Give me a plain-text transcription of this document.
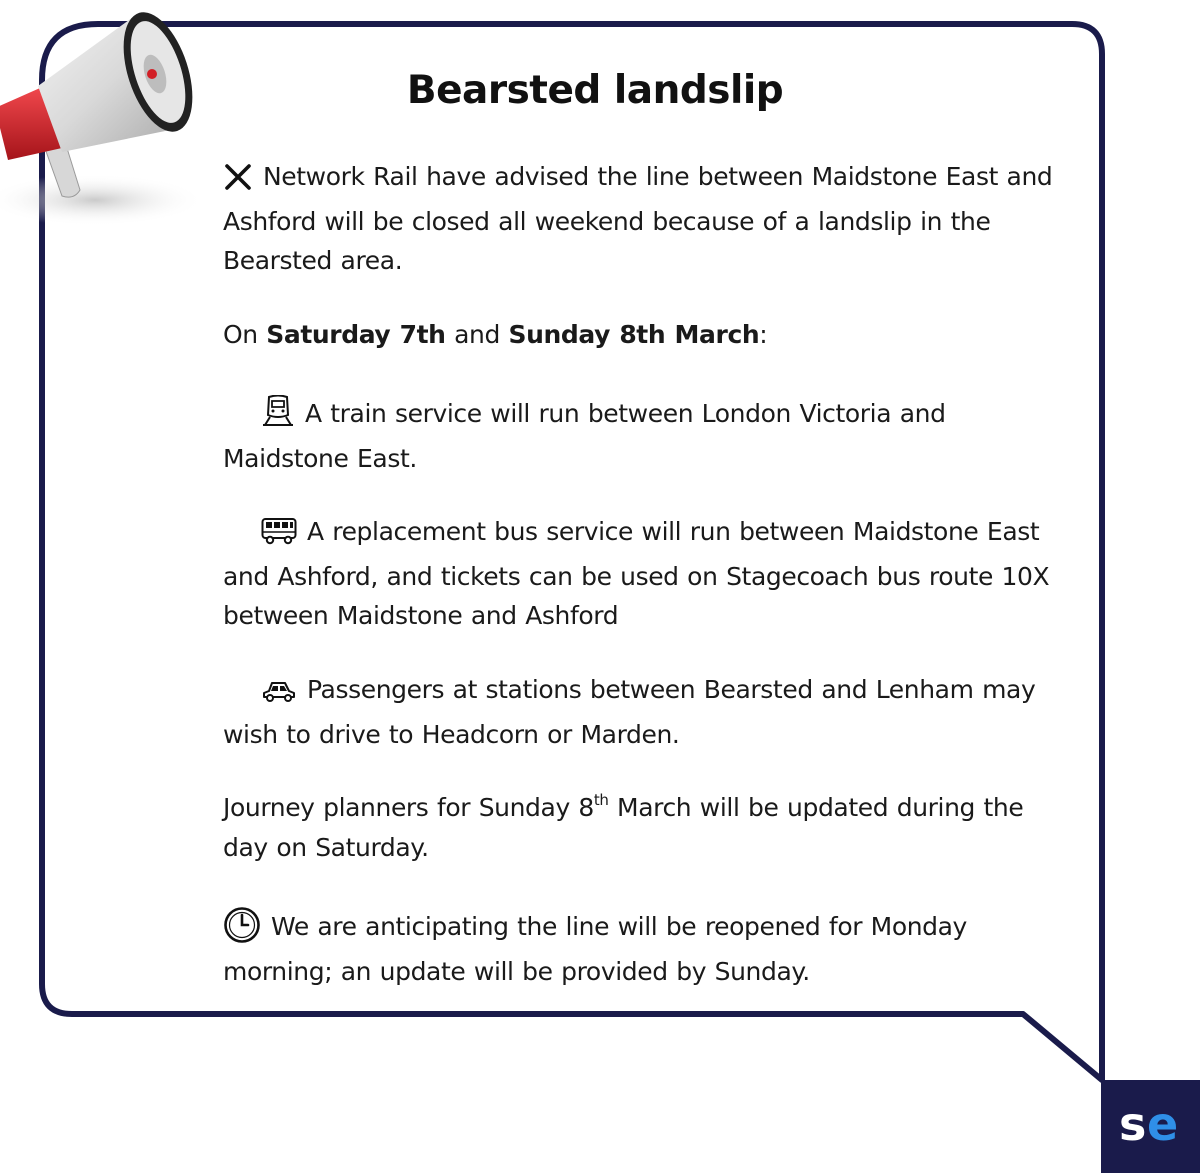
Bearsted landslip

Network Rail have advised the line between Maidstone East and Ashford will be closed all weekend because of a landslip in the Bearsted area.

On Saturday 7th and Sunday 8th March:

A train service will run between London Victoria and Maidstone East.

A replacement bus service will run between Maidstone East and Ashford, and tickets can be used on Stagecoach bus route 10X between Maidstone and Ashford

Passengers at stations between Bearsted and Lenham may wish to drive to Headcorn or Marden.

Journey planners for Sunday 8th March will be updated during the day on Saturday.

We are anticipating the line will be reopened for Monday morning; an update will be provided by Sunday.

s e
